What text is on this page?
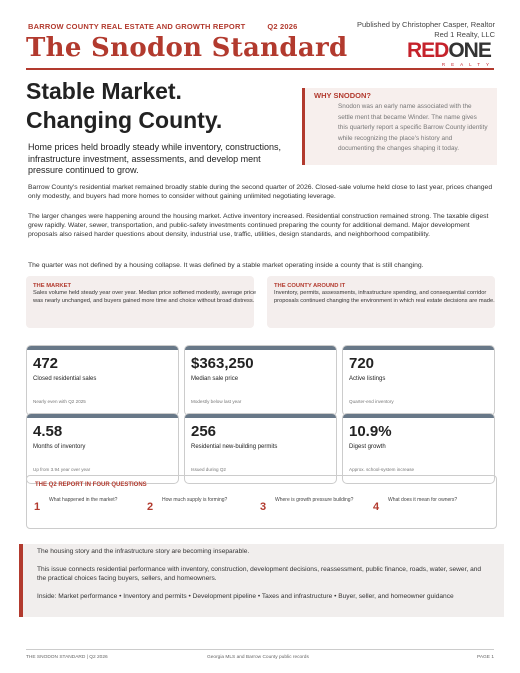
BARROW COUNTY REAL ESTATE AND GROWTH REPORT	Q2 2026	Published by Christopher Casper, Realtor
Red 1 Realty, LLC
The Snodon Standard	REDONE
REALTY
Stable Market.
Changing County.
Home prices held broadly steady while inventory, constructions, infrastructure investment, assessments, and develop ment pressure continued to grow.
WHY SNODON?
Snodon was an early name associated with the settle ment that became Winder. The name gives this quarterly report a specific Barrow County identity while recognizing the place's history and documenting the changes shaping it today.
Barrow County's residential market remained broadly stable during the second quarter of 2026. Closed-sale volume held close to last year, prices changed only modestly, and buyers had more homes to consider without gaining unlimited negotiating leverage.
The larger changes were happening around the housing market. Active inventory increased. Residential construction remained strong. The taxable digest grew rapidly. Water, sewer, transportation, and public-safety investments continued preparing the county for additional demand. Major development proposals also raised harder questions about density, industrial use, traffic, utilities, design standards, and neighborhood compatibility.
The quarter was not defined by a housing collapse. It was defined by a stable market operating inside a county that is still changing.
THE MARKET
Sales volume held steady year over year. Median price softened modestly, average price was nearly unchanged, and buyers gained more time and choice without broad distress.
THE COUNTY AROUND IT
Inventory, permits, assessments, infrastructure spending, and consequential corridor proposals continued changing the environment in which real estate decisions are made.
472
Closed residential sales
Nearly even with Q2 2025
$363,250
Median sale price
Modestly below last year
720
Active listings
Quarter-end inventory
4.58
Months of inventory
Up from 3.94 year over year
256
Residential new-building permits
Issued during Q2
10.9%
Digest growth
Approx. school-system increase
THE Q2 REPORT IN FOUR QUESTIONS
1
What happened in the market?
2
How much supply is forming?
3
Where is growth pressure building?
4
What does it mean for owners?
The housing story and the infrastructure story are becoming inseparable.
This issue connects residential performance with inventory, construction, development decisions, reassessment, public finance, roads, water, sewer, and the practical choices facing buyers, sellers, and homeowners.
Inside: Market performance • Inventory and permits • Development pipeline • Taxes and infrastructure • Buyer, seller, and homeowner guidance
THE SNODON STANDARD | Q2 2026	Georgia MLS and Barrow County public records	PAGE 1
